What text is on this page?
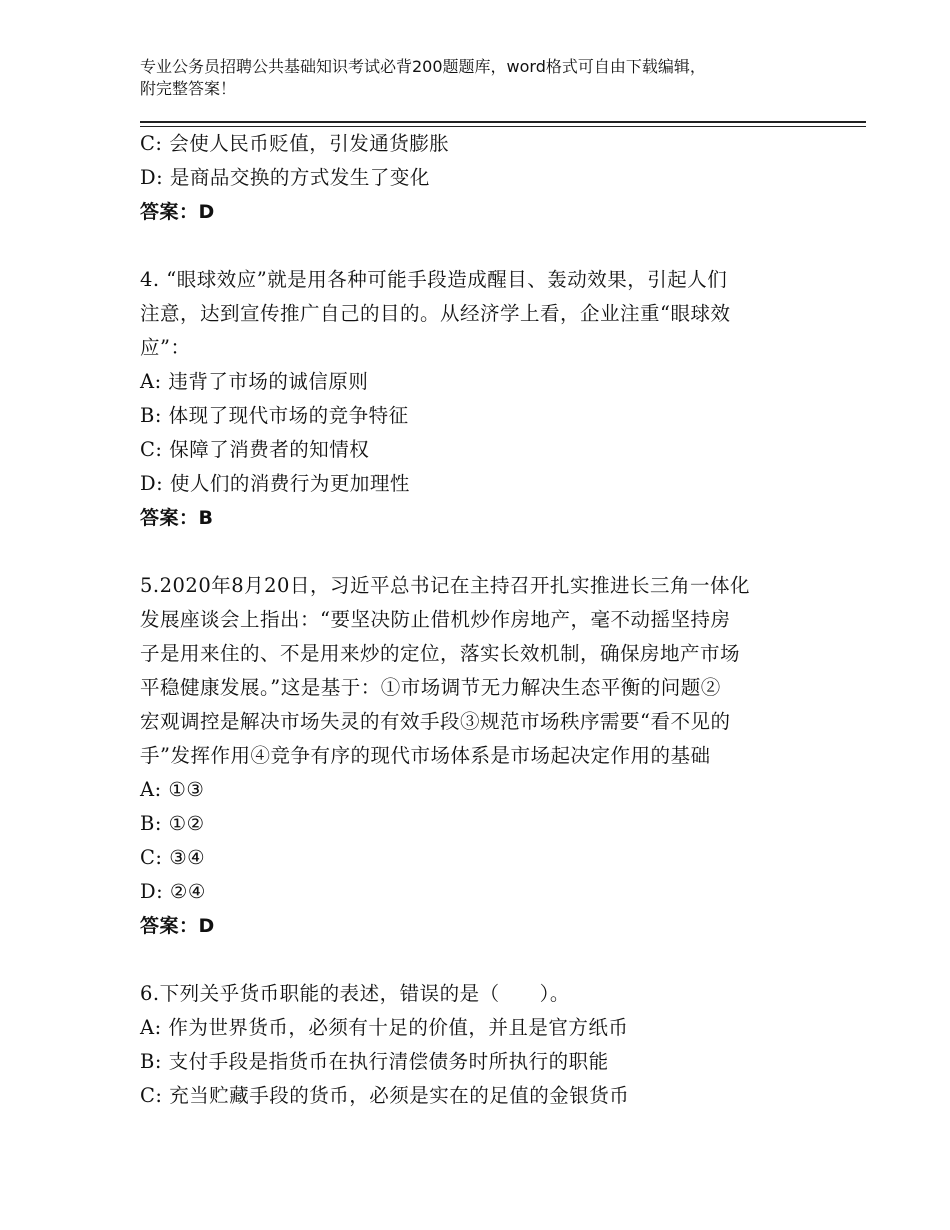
专业公务员招聘公共基础知识考试必背200题题库，word格式可自由下载编辑，
附完整答案！
C: 会使人民币贬值，引发通货膨胀
D: 是商品交换的方式发生了变化
答案：D
4. “眼球效应”就是用各种可能手段造成醒目、轰动效果，引起人们
注意，达到宣传推广自己的目的。从经济学上看，企业注重“眼球效
应”：
A: 违背了市场的诚信原则
B: 体现了现代市场的竞争特征
C: 保障了消费者的知情权
D: 使人们的消费行为更加理性
答案：B
5.2020年8月20日，习近平总书记在主持召开扎实推进长三角一体化
发展座谈会上指出：“要坚决防止借机炒作房地产，毫不动摇坚持房
子是用来住的、不是用来炒的定位，落实长效机制，确保房地产市场
平稳健康发展。”这是基于：①市场调节无力解决生态平衡的问题②
宏观调控是解决市场失灵的有效手段③规范市场秩序需要“看不见的
手”发挥作用④竞争有序的现代市场体系是市场起决定作用的基础
A: ①③
B: ①②
C: ③④
D: ②④
答案：D
6.下列关乎货币职能的表述，错误的是（　　）。
A: 作为世界货币，必须有十足的价值，并且是官方纸币
B: 支付手段是指货币在执行清偿债务时所执行的职能
C: 充当贮藏手段的货币，必须是实在的足值的金银货币
